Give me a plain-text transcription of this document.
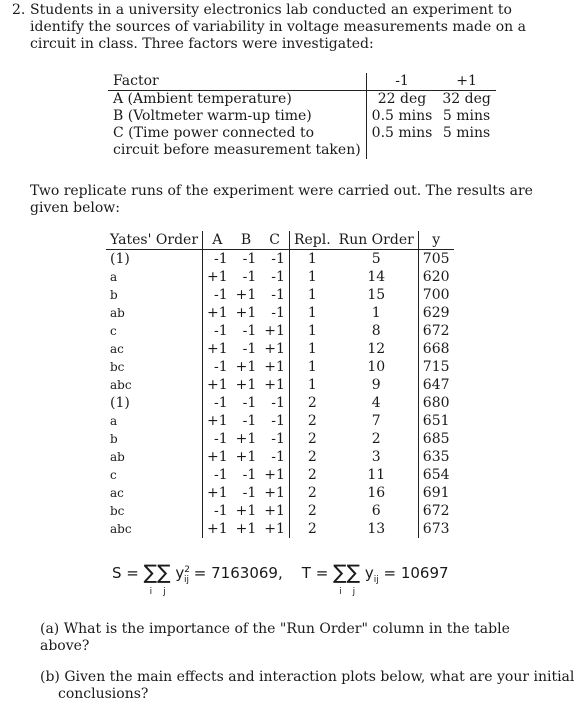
2. Students in a university electronics lab conducted an experiment to identify the sources of variability in voltage measurements made on a circuit in class. Three factors were investigated:
Factor	-1	+1
A (Ambient temperature)	22 deg	32 deg
B (Voltmeter warm-up time)	0.5 mins	5 mins
C (Time power connected to	0.5 mins	5 mins
circuit before measurement taken)		
Two replicate runs of the experiment were carried out. The results are given below:
Yates' Order	A	B	C	Repl.	Run Order	y
(1)	-1	-1	-1	1	5	705
a	+1	-1	-1	1	14	620
b	-1	+1	-1	1	15	700
ab	+1	+1	-1	1	1	629
c	-1	-1	+1	1	8	672
ac	+1	-1	+1	1	12	668
bc	-1	+1	+1	1	10	715
abc	+1	+1	+1	1	9	647
(1)	-1	-1	-1	2	4	680
a	+1	-1	-1	2	7	651
b	-1	+1	-1	2	2	685
ab	+1	+1	-1	2	3	635
c	-1	-1	+1	2	11	654
ac	+1	-1	+1	2	16	691
bc	-1	+1	+1	2	6	672
abc	+1	+1	+1	2	13	673
S = ∑
i
∑
j
$y^2_{ij} = 7163069$, T = ∑
i
∑
j
$y_{ij} = 10697$
(a) What is the importance of the "Run Order" column in the table above?
(b) Given the main effects and interaction plots below, what are your initial conclusions?
